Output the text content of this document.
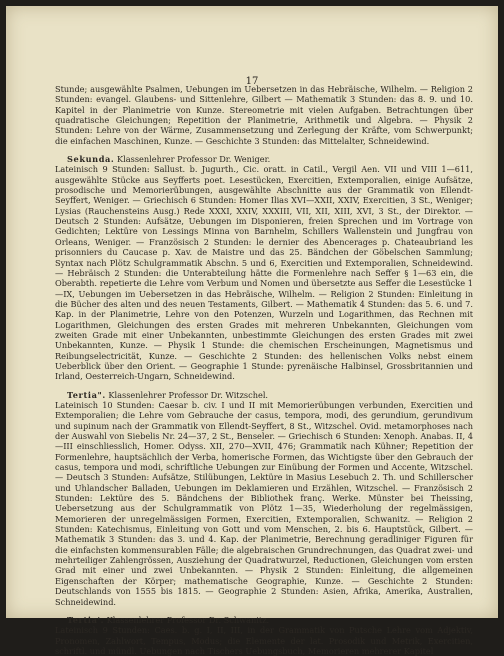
17

Stunde; ausgewählte Psalmen, Uebungen im Uebersetzen in das Hebräische, Wilhelm. — Religion 2 Stunden: evangel. Glaubens- und Sittenlehre, Gilbert — Mathematik 3 Stunden: das 8. 9. und 10. Kapitel in der Planimetrie von Kunze. Stereometrie mit vielen Aufgaben. Betrachtungen über quadratische Gleichungen; Repetition der Planimetrie, Arithmetik und Algebra. — Physik 2 Stunden: Lehre von der Wärme, Zusammensetzung und Zerlegung der Kräfte, vom Schwerpunkt; die einfachen Maschinen, Kunze. — Geschichte 3 Stunden: das Mittelalter, Schneidewind.

Sekunda. Klassenlehrer Professor Dr. Weniger.
Lateinisch 9 Stunden: Sallust. b. Jugurth., Cic. oratt. in Catil., Vergil Aen. VII und VIII 1—611, ausgewählte Stücke aus Seyfferts poet. Lesestücken, Exercitien, Extemporalien, einige Aufsätze, prosodische und Memorierübungen, ausgewählte Abschnitte aus der Grammatik von Ellendt-Seyffert, Weniger. — Griechisch 6 Stunden: Homer Ilias XVI—XXII, XXIV, Exercitien, 3 St., Weniger; Lysias (Rauchensteins Ausg.) Rede XXXI, XXIV, XXXIII, VII, XII, XIII, XVI, 3 St., der Direktor. — Deutsch 2 Stunden: Aufsätze, Uebungen im Disponieren, freien Sprechen und im Vortrage von Gedichten; Lektüre von Lessings Minna von Barnhelm, Schillers Wallenstein und Jungfrau von Orleans, Weniger. — Französisch 2 Stunden: le dernier des Abencerages p. Chateaubriand les prisonniers du Caucase p. Xav. de Maistre und das 25. Bändchen der Göbelschen Sammlung; Syntax nach Plötz Schulgrammatik Abschn. 5 und 6, Exercitien und Extemporalien, Schneidewind. — Hebräisch 2 Stunden: die Unterabteilung hätte die Formenlehre nach Seffer § 1—63 ein, die Oberabth. repetierte die Lehre vom Verbum und Nomen und übersetzte aus Seffer die Lesestücke 1—IX, Uebungen im Uebersetzen in das Hebräische, Wilhelm. — Religion 2 Stunden: Einleitung in die Bücher des alten und des neuen Testaments, Gilbert. — Mathematik 4 Stunden: das 5. 6. und 7. Kap. in der Planimetrie, Lehre von den Potenzen, Wurzeln und Logarithmen, das Rechnen mit Logarithmen, Gleichungen des ersten Grades mit mehreren Unbekannten, Gleichungen vom zweiten Grade mit einer Unbekannten, unbestimmte Gleichungen des ersten Grades mit zwei Unbekannten, Kunze. — Physik 1 Stunde: die chemischen Erscheinungen, Magnetismus und Reibungselectricität, Kunze. — Geschichte 2 Stunden: des hellenischen Volks nebst einem Ueberblick über den Orient. — Geographie 1 Stunde: pyrenäische Halbinsel, Grossbritannien und Irland, Oesterreich-Ungarn, Schneidewind.

Tertia". Klassenlehrer Professor Dr. Witzschel.
Lateinisch 10 Stunden: Caesar b. civ. I und II mit Memorierübungen verbunden, Exercitien und Extemporalien; die Lehre vom Gebrauche der casus, tempora, modi, des gerundium, gerundivum und supinum nach der Grammatik von Ellendt-Seyffert, 8 St., Witzschel. Ovid. metamorphoses nach der Auswahl von Siebelis Nr. 24—37, 2 St., Benseler. — Griechisch 6 Stunden: Xenoph. Anabas. II, 4—III einschliesslich, Homer. Odyss. XII, 270—XVII, 476; Grammatik nach Kühner; Repetition der Formenlehre, hauptsächlich der Verba, homerische Formen, das Wichtigste über den Gebrauch der casus, tempora und modi, schriftliche Uebungen zur Einübung der Formen und Accente, Witzschel. — Deutsch 3 Stunden: Aufsätze, Stilübungen, Lektüre in Masius Lesebuch 2. Th. und Schillerscher und Uhlandscher Balladen, Uebungen im Deklamieren und Erzählen, Witzschel. — Französisch 2 Stunden: Lektüre des 5. Bändchens der Bibliothek franç. Werke. Münster bei Theissing, Uebersetzung aus der Schulgrammatik von Plötz 1—35, Wiederholung der regelmässigen, Memorieren der unregelmässigen Formen, Exercitien, Extemporalien, Schwanitz. — Religion 2 Stunden: Katechismus, Einleitung von Gott und vom Menschen, 2. bis 6. Hauptstück, Gilbert. — Mathematik 3 Stunden: das 3. und 4. Kap. der Planimetrie, Berechnung geradliniger Figuren für die einfachsten kommensurablen Fälle; die algebraischen Grundrechnungen, das Quadrat zwei- und mehrteiliger Zahlengrössen, Ausziehung der Quadratwurzel, Reductionen, Gleichungen vom ersten Grad mit einer und zwei Unbekannten. — Physik 2 Stunden: Einleitung, die allgemeinen Eigenschaften der Körper; mathematische Geographie, Kunze. — Geschichte 2 Stunden: Deutschlands von 1555 bis 1815. — Geographie 2 Stunden: Asien, Afrika, Amerika, Australien, Schneidewind.

Tertia'. Klassenlehrer Professor Dr. Schwanitz.
Lateinisch 9 Stunden: Caes. b. g. I, II, III, in der Grammatik von Putsche Lehre vom Adjektiv, Pronomen, Zahlwort, Tempus, Modus; die Elemente der lat. Prosodik und Metrik, Exercitien, schriftl. und mündl. Uebungen nach Tischers Uebungsbuch, Memorieren mehrerer Kapitel
